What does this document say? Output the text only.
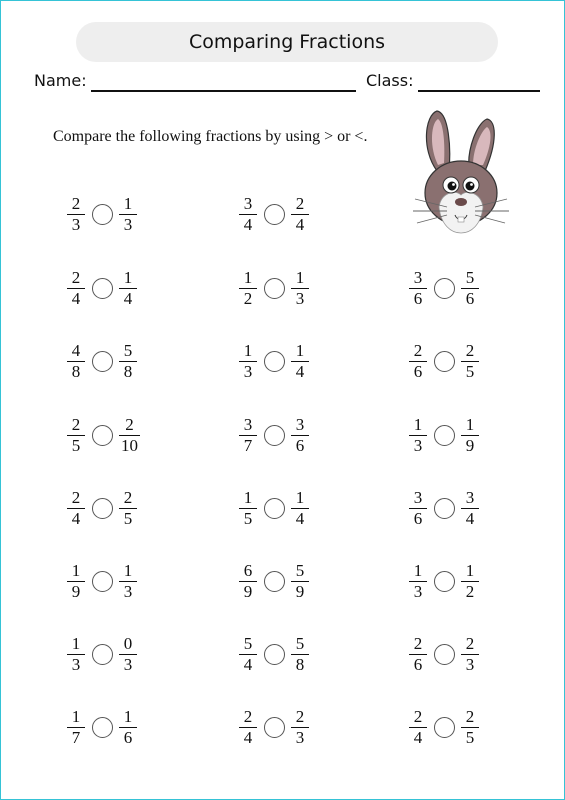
Comparing Fractions
Name:	Class:
Compare the following fractions by using > or <.
$\frac{2}{3} \frac{1}{3}$	$\frac{3}{4} \frac{2}{4}$
$\frac{2}{4} \frac{1}{4}$	$\frac{1}{2} \frac{1}{3}$	$\frac{3}{6} \frac{5}{6}$
$\frac{4}{8} \frac{5}{8}$	$\frac{1}{3} \frac{1}{4}$	$\frac{2}{6} \frac{2}{5}$
$\frac{2}{5} \frac{2}{10}$	$\frac{3}{7} \frac{3}{6}$	$\frac{1}{3} \frac{1}{9}$
$\frac{2}{4} \frac{2}{5}$	$\frac{1}{5} \frac{1}{4}$	$\frac{3}{6} \frac{3}{4}$
$\frac{1}{9} \frac{1}{3}$	$\frac{6}{9} \frac{5}{9}$	$\frac{1}{3} \frac{1}{2}$
$\frac{1}{3} \frac{0}{3}$	$\frac{5}{4} \frac{5}{8}$	$\frac{2}{6} \frac{2}{3}$
$\frac{1}{7} \frac{1}{6}$	$\frac{2}{4} \frac{2}{3}$	$\frac{2}{4} \frac{2}{5}$
